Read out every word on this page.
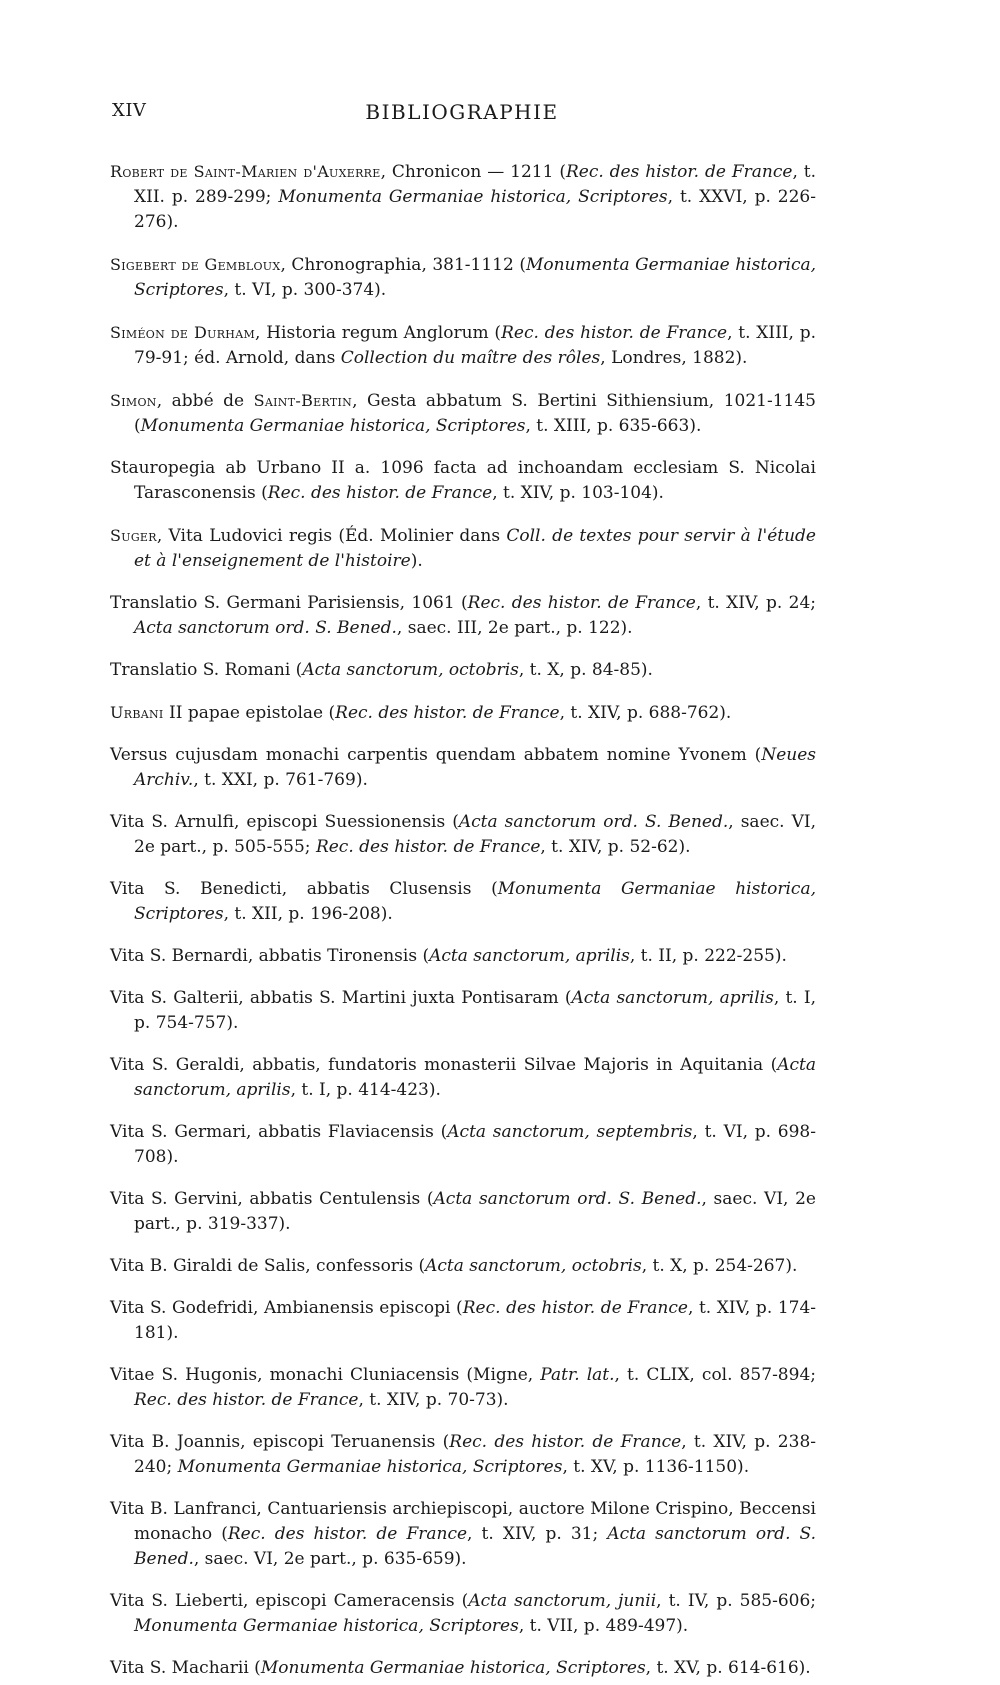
XIV	BIBLIOGRAPHIE

Robert de Saint-Marien d'Auxerre, Chronicon — 1211 (Rec. des histor. de France, t. XII. p. 289-299; Monumenta Germaniae historica, Scriptores, t. XXVI, p. 226-276).

Sigebert de Gembloux, Chronographia, 381-1112 (Monumenta Germaniae historica, Scriptores, t. VI, p. 300-374).

Siméon de Durham, Historia regum Anglorum (Rec. des histor. de France, t. XIII, p. 79-91; éd. Arnold, dans Collection du maître des rôles, Londres, 1882).

Simon, abbé de Saint-Bertin, Gesta abbatum S. Bertini Sithiensium, 1021-1145 (Monumenta Germaniae historica, Scriptores, t. XIII, p. 635-663).

Stauropegia ab Urbano II a. 1096 facta ad inchoandam ecclesiam S. Nicolai Tarasconensis (Rec. des histor. de France, t. XIV, p. 103-104).

Suger, Vita Ludovici regis (Éd. Molinier dans Coll. de textes pour servir à l'étude et à l'enseignement de l'histoire).

Translatio S. Germani Parisiensis, 1061 (Rec. des histor. de France, t. XIV, p. 24; Acta sanctorum ord. S. Bened., saec. III, 2e part., p. 122).

Translatio S. Romani (Acta sanctorum, octobris, t. X, p. 84-85).

Urbani II papae epistolae (Rec. des histor. de France, t. XIV, p. 688-762).

Versus cujusdam monachi carpentis quendam abbatem nomine Yvonem (Neues Archiv., t. XXI, p. 761-769).

Vita S. Arnulfi, episcopi Suessionensis (Acta sanctorum ord. S. Bened., saec. VI, 2e part., p. 505-555; Rec. des histor. de France, t. XIV, p. 52-62).

Vita S. Benedicti, abbatis Clusensis (Monumenta Germaniae historica, Scriptores, t. XII, p. 196-208).

Vita S. Bernardi, abbatis Tironensis (Acta sanctorum, aprilis, t. II, p. 222-255).

Vita S. Galterii, abbatis S. Martini juxta Pontisaram (Acta sanctorum, aprilis, t. I, p. 754-757).

Vita S. Geraldi, abbatis, fundatoris monasterii Silvae Majoris in Aquitania (Acta sanctorum, aprilis, t. I, p. 414-423).

Vita S. Germari, abbatis Flaviacensis (Acta sanctorum, septembris, t. VI, p. 698-708).

Vita S. Gervini, abbatis Centulensis (Acta sanctorum ord. S. Bened., saec. VI, 2e part., p. 319-337).

Vita B. Giraldi de Salis, confessoris (Acta sanctorum, octobris, t. X, p. 254-267).

Vita S. Godefridi, Ambianensis episcopi (Rec. des histor. de France, t. XIV, p. 174-181).

Vitae S. Hugonis, monachi Cluniacensis (Migne, Patr. lat., t. CLIX, col. 857-894; Rec. des histor. de France, t. XIV, p. 70-73).

Vita B. Joannis, episcopi Teruanensis (Rec. des histor. de France, t. XIV, p. 238-240; Monumenta Germaniae historica, Scriptores, t. XV, p. 1136-1150).

Vita B. Lanfranci, Cantuariensis archiepiscopi, auctore Milone Crispino, Beccensi monacho (Rec. des histor. de France, t. XIV, p. 31; Acta sanctorum ord. S. Bened., saec. VI, 2e part., p. 635-659).

Vita S. Lieberti, episcopi Cameracensis (Acta sanctorum, junii, t. IV, p. 585-606; Monumenta Germaniae historica, Scriptores, t. VII, p. 489-497).

Vita S. Macharii (Monumenta Germaniae historica, Scriptores, t. XV, p. 614-616).
